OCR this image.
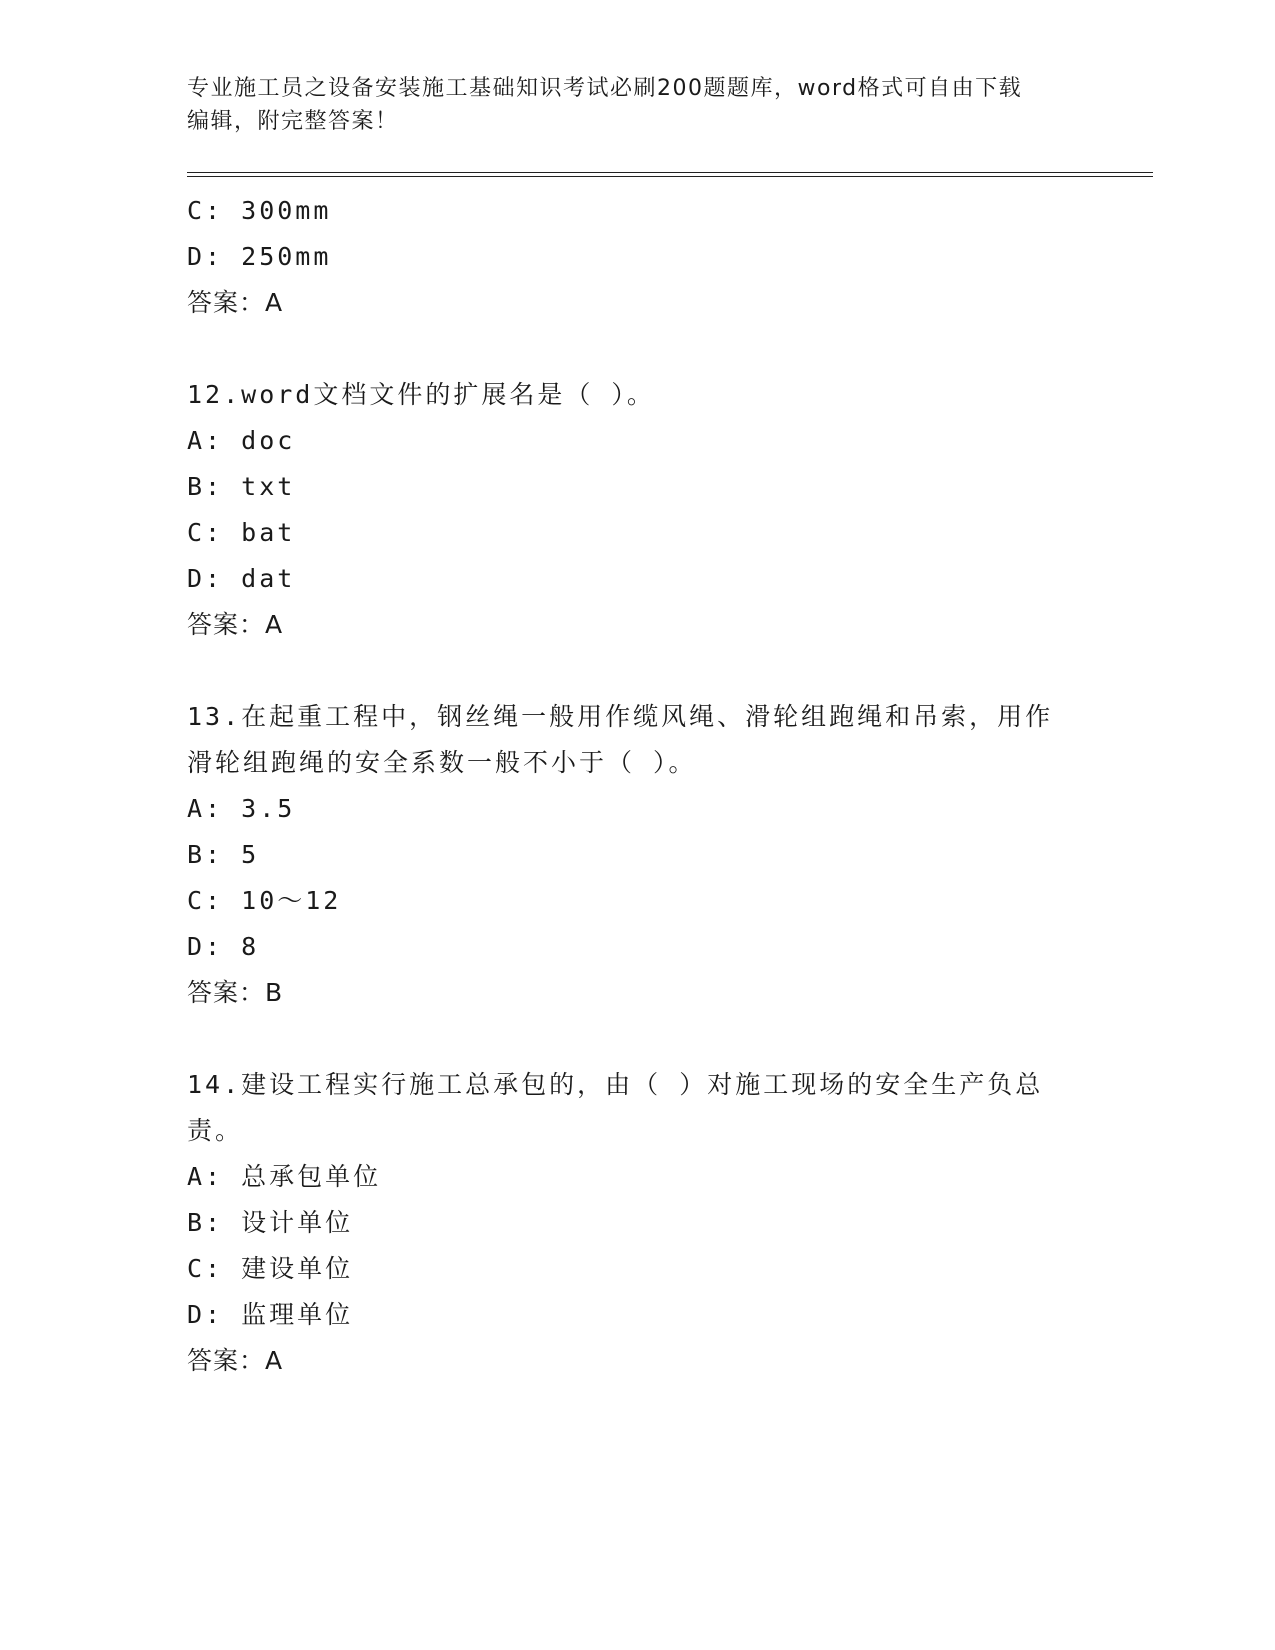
专业施工员之设备安装施工基础知识考试必刷200题题库，word格式可自由下载
编辑，附完整答案！
C: 300mm
D: 250mm
答案：A
12.word文档文件的扩展名是（ ）。
A: doc
B: txt
C: bat
D: dat
答案：A
13.在起重工程中，钢丝绳一般用作缆风绳、滑轮组跑绳和吊索，用作
滑轮组跑绳的安全系数一般不小于（ ）。
A: 3.5
B: 5
C: 10～12
D: 8
答案：B
14.建设工程实行施工总承包的，由（ ）对施工现场的安全生产负总
责。
A: 总承包单位
B: 设计单位
C: 建设单位
D: 监理单位
答案：A
